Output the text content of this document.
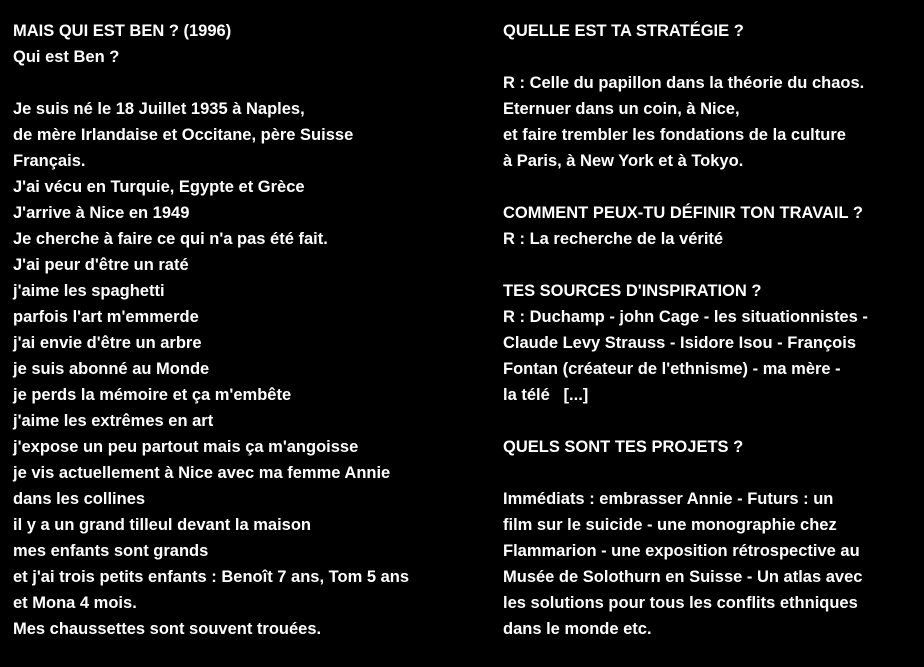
MAIS QUI EST BEN ? (1996)
Qui est Ben ?
Je suis né le 18 Juillet 1935 à Naples,
de mère Irlandaise et Occitane, père Suisse
Français.
J'ai vécu en Turquie, Egypte et Grèce
J'arrive à Nice en 1949
Je cherche à faire ce qui n'a pas été fait.
J'ai peur d'être un raté
j'aime les spaghetti
parfois l'art m'emmerde
j'ai envie d'être un arbre
je suis abonné au Monde
je perds la mémoire et ça m'embête
j'aime les extrêmes en art
j'expose un peu partout mais ça m'angoisse
je vis actuellement à Nice avec ma femme Annie
dans les collines
il y a un grand tilleul devant la maison
mes enfants sont grands
et j'ai trois petits enfants : Benoît 7 ans, Tom 5 ans
et Mona 4 mois.
Mes chaussettes sont souvent trouées.
QUELLE EST TA STRATÉGIE ?
R : Celle du papillon dans la théorie du chaos.
Eternuer dans un coin, à Nice,
et faire trembler les fondations de la culture
à Paris, à New York et à Tokyo.
COMMENT PEUX-TU DÉFINIR TON TRAVAIL ?
R : La recherche de la vérité
TES SOURCES D'INSPIRATION ?
R : Duchamp - john Cage - les situationnistes -
Claude Levy Strauss - Isidore Isou - François
Fontan (créateur de l'ethnisme) - ma mère -
la télé   [...]
QUELS SONT TES PROJETS ?
Immédiats : embrasser Annie - Futurs : un
film sur le suicide - une monographie chez
Flammarion - une exposition rétrospective au
Musée de Solothurn en Suisse - Un atlas avec
les solutions pour tous les conflits ethniques
dans le monde etc.
